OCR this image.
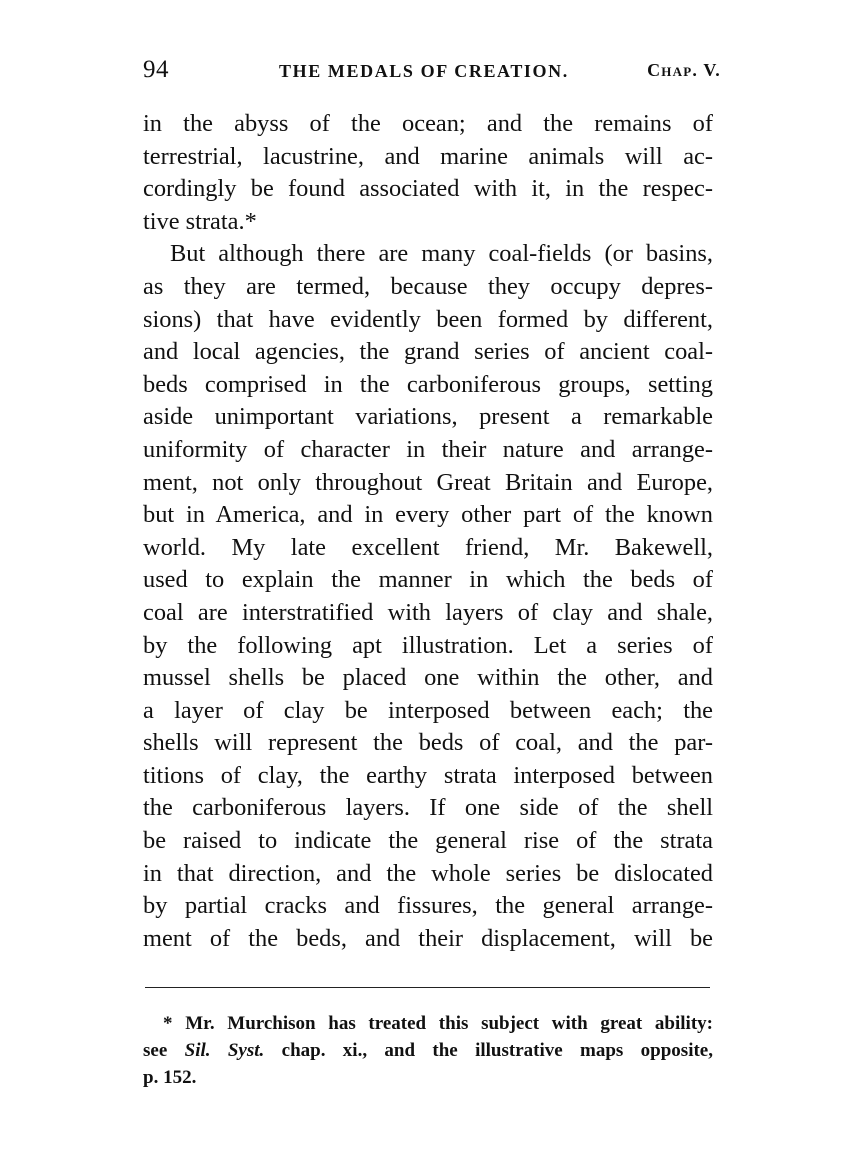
94	THE MEDALS OF CREATION.	Chap. V.
in the abyss of the ocean; and the remains of
terrestrial, lacustrine, and marine animals will ac-
cordingly be found associated with it, in the respec-
tive strata.*
But although there are many coal-fields (or basins,
as they are termed, because they occupy depres-
sions) that have evidently been formed by different,
and local agencies, the grand series of ancient coal-
beds comprised in the carboniferous groups, setting
aside unimportant variations, present a remarkable
uniformity of character in their nature and arrange-
ment, not only throughout Great Britain and Europe,
but in America, and in every other part of the known
world. My late excellent friend, Mr. Bakewell,
used to explain the manner in which the beds of
coal are interstratified with layers of clay and shale,
by the following apt illustration. Let a series of
mussel shells be placed one within the other, and
a layer of clay be interposed between each; the
shells will represent the beds of coal, and the par-
titions of clay, the earthy strata interposed between
the carboniferous layers. If one side of the shell
be raised to indicate the general rise of the strata
in that direction, and the whole series be dislocated
by partial cracks and fissures, the general arrange-
ment of the beds, and their displacement, will be
* Mr. Murchison has treated this subject with great ability:
see Sil. Syst. chap. xi., and the illustrative maps opposite,
p. 152.
